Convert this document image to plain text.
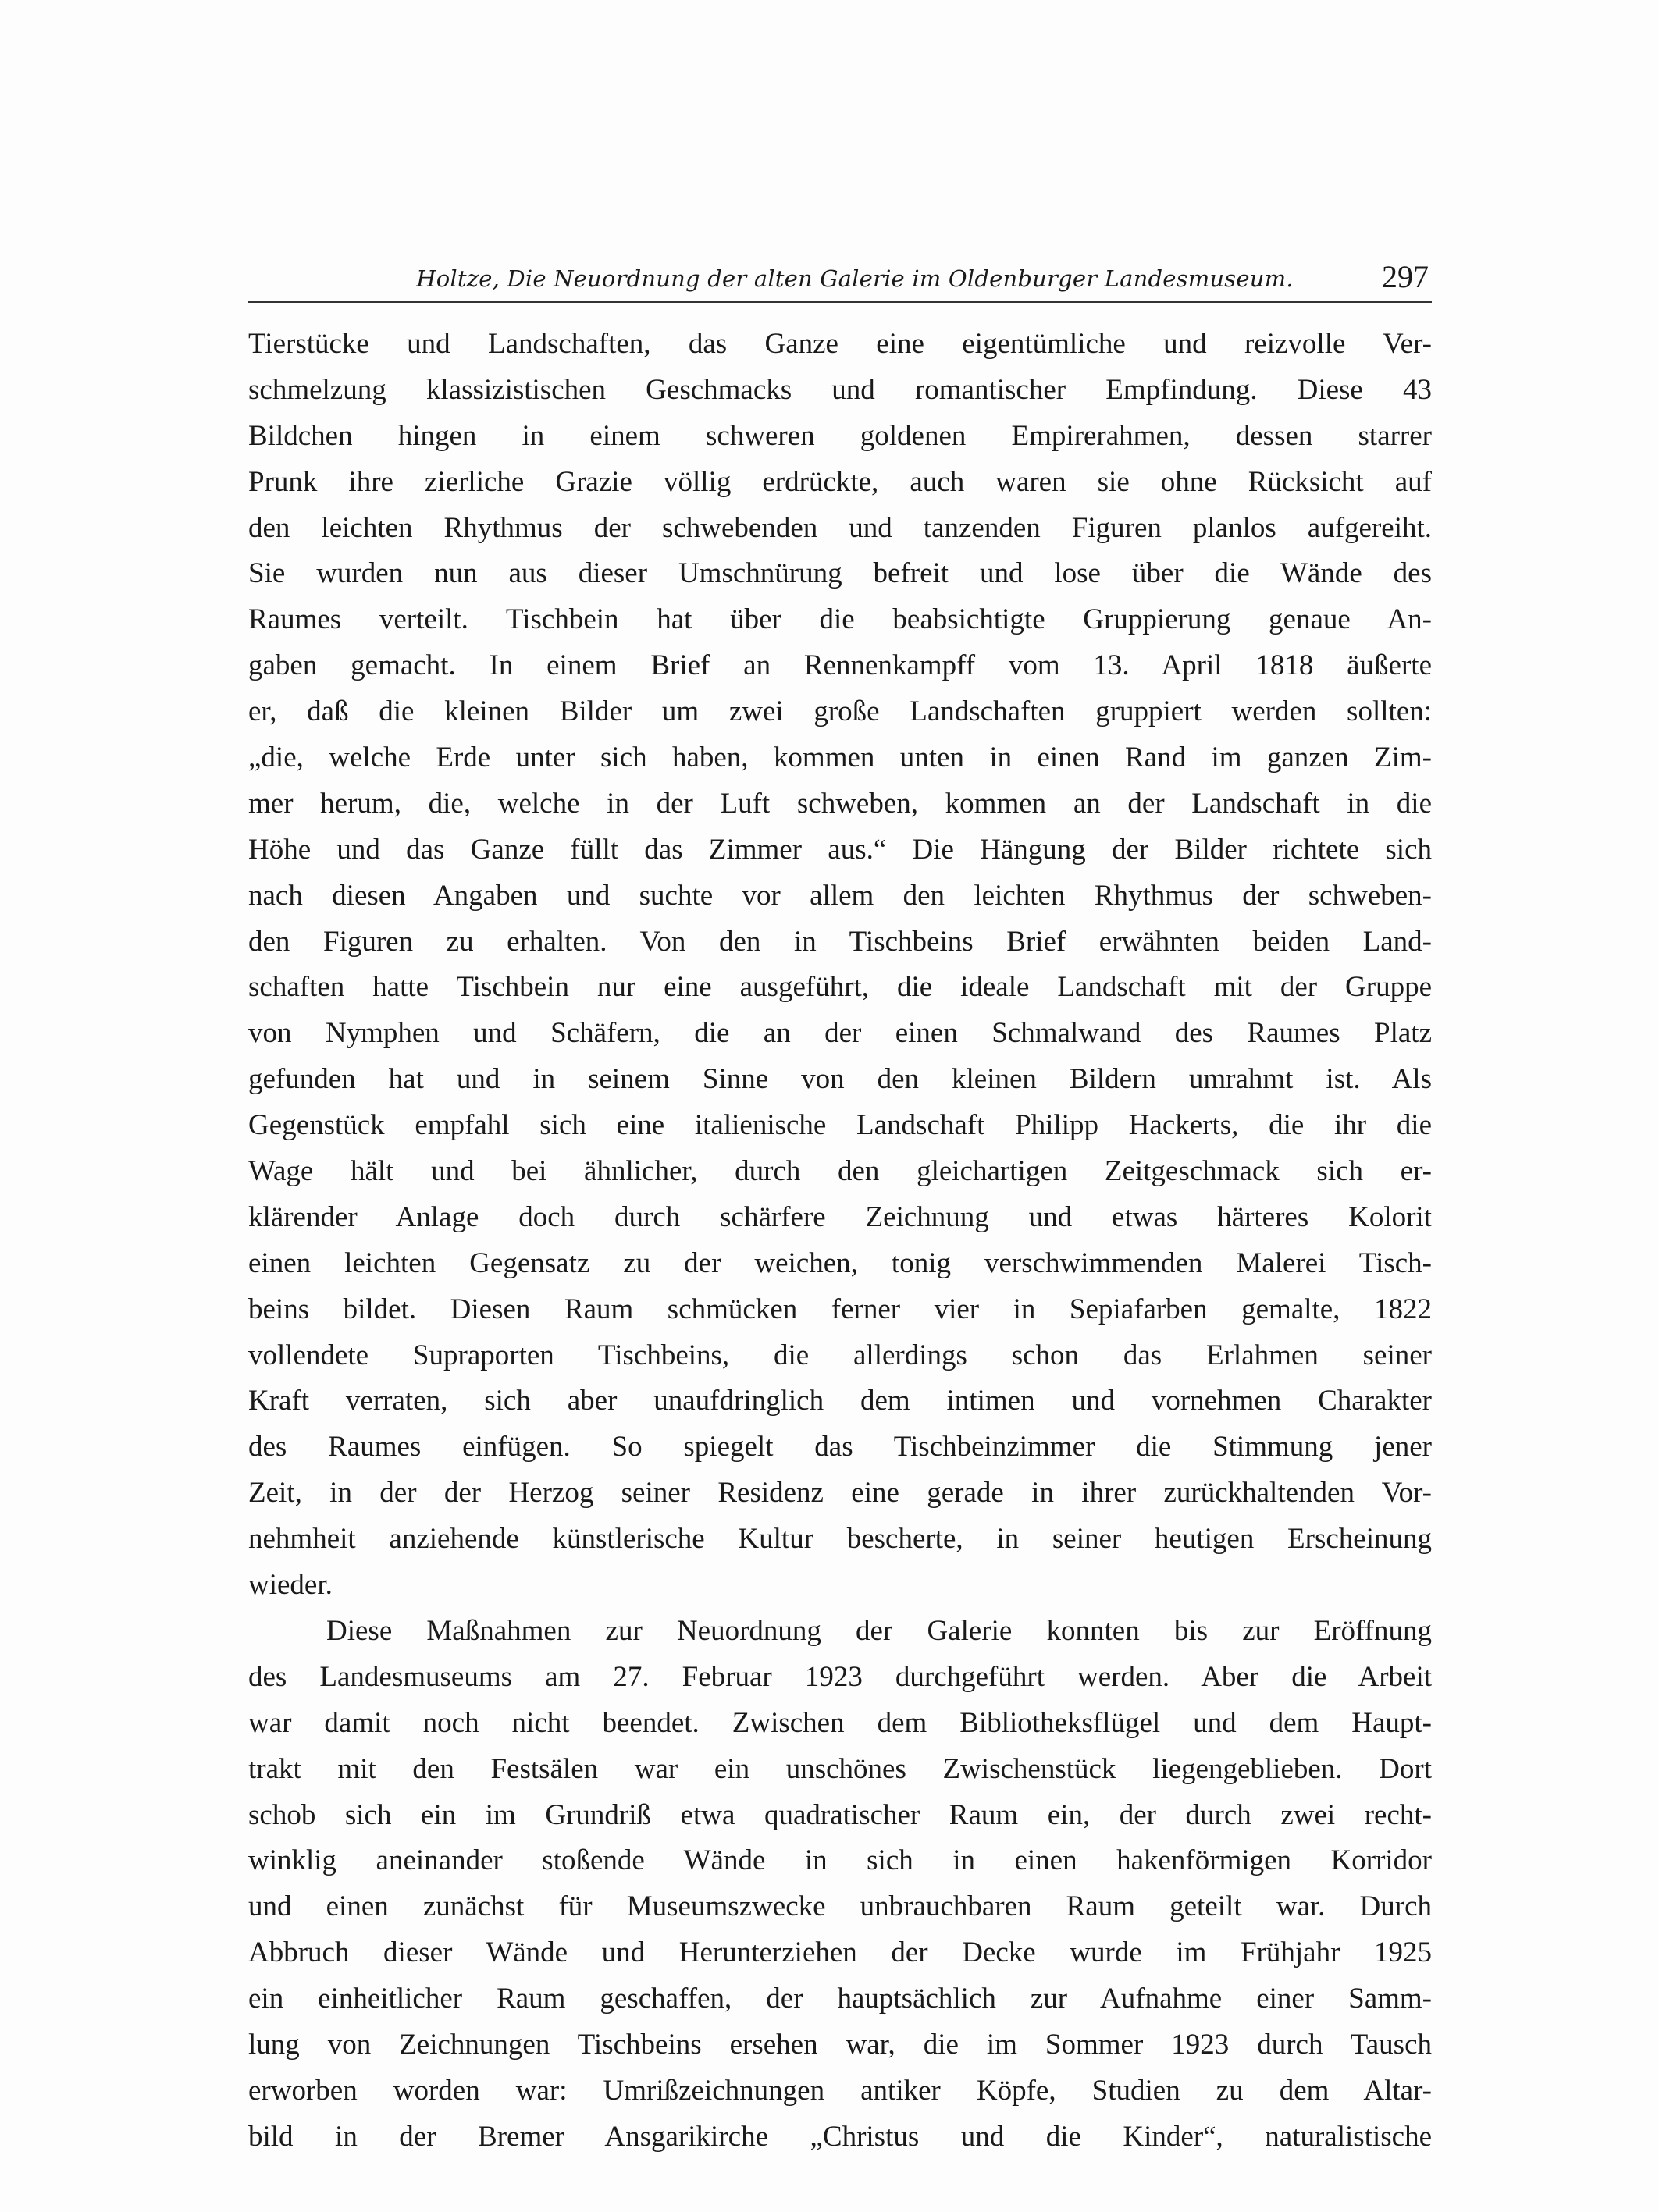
Holtze, Die Neuordnung der alten Galerie im Oldenburger Landesmuseum.	297
Tierstücke und Landschaften, das Ganze eine eigentümliche und reizvolle Ver-
schmelzung klassizistischen Geschmacks und romantischer Empfindung. Diese 43
Bildchen hingen in einem schweren goldenen Empirerahmen, dessen starrer
Prunk ihre zierliche Grazie völlig erdrückte, auch waren sie ohne Rücksicht auf
den leichten Rhythmus der schwebenden und tanzenden Figuren planlos aufgereiht.
Sie wurden nun aus dieser Umschnürung befreit und lose über die Wände des
Raumes verteilt. Tischbein hat über die beabsichtigte Gruppierung genaue An-
gaben gemacht. In einem Brief an Rennenkampff vom 13. April 1818 äußerte
er, daß die kleinen Bilder um zwei große Landschaften gruppiert werden sollten:
„die, welche Erde unter sich haben, kommen unten in einen Rand im ganzen Zim-
mer herum, die, welche in der Luft schweben, kommen an der Landschaft in die
Höhe und das Ganze füllt das Zimmer aus.“ Die Hängung der Bilder richtete sich
nach diesen Angaben und suchte vor allem den leichten Rhythmus der schweben-
den Figuren zu erhalten. Von den in Tischbeins Brief erwähnten beiden Land-
schaften hatte Tischbein nur eine ausgeführt, die ideale Landschaft mit der Gruppe
von Nymphen und Schäfern, die an der einen Schmalwand des Raumes Platz
gefunden hat und in seinem Sinne von den kleinen Bildern umrahmt ist. Als
Gegenstück empfahl sich eine italienische Landschaft Philipp Hackerts, die ihr die
Wage hält und bei ähnlicher, durch den gleichartigen Zeitgeschmack sich er-
klärender Anlage doch durch schärfere Zeichnung und etwas härteres Kolorit
einen leichten Gegensatz zu der weichen, tonig verschwimmenden Malerei Tisch-
beins bildet. Diesen Raum schmücken ferner vier in Sepiafarben gemalte, 1822
vollendete Supraporten Tischbeins, die allerdings schon das Erlahmen seiner
Kraft verraten, sich aber unaufdringlich dem intimen und vornehmen Charakter
des Raumes einfügen. So spiegelt das Tischbeinzimmer die Stimmung jener
Zeit, in der der Herzog seiner Residenz eine gerade in ihrer zurückhaltenden Vor-
nehmheit anziehende künstlerische Kultur bescherte, in seiner heutigen Erscheinung
wieder.
Diese Maßnahmen zur Neuordnung der Galerie konnten bis zur Eröffnung
des Landesmuseums am 27. Februar 1923 durchgeführt werden. Aber die Arbeit
war damit noch nicht beendet. Zwischen dem Bibliotheksflügel und dem Haupt-
trakt mit den Festsälen war ein unschönes Zwischenstück liegengeblieben. Dort
schob sich ein im Grundriß etwa quadratischer Raum ein, der durch zwei recht-
winklig aneinander stoßende Wände in sich in einen hakenförmigen Korridor
und einen zunächst für Museumszwecke unbrauchbaren Raum geteilt war. Durch
Abbruch dieser Wände und Herunterziehen der Decke wurde im Frühjahr 1925
ein einheitlicher Raum geschaffen, der hauptsächlich zur Aufnahme einer Samm-
lung von Zeichnungen Tischbeins ersehen war, die im Sommer 1923 durch Tausch
erworben worden war: Umrißzeichnungen antiker Köpfe, Studien zu dem Altar-
bild in der Bremer Ansgarikirche „Christus und die Kinder“, naturalistische
